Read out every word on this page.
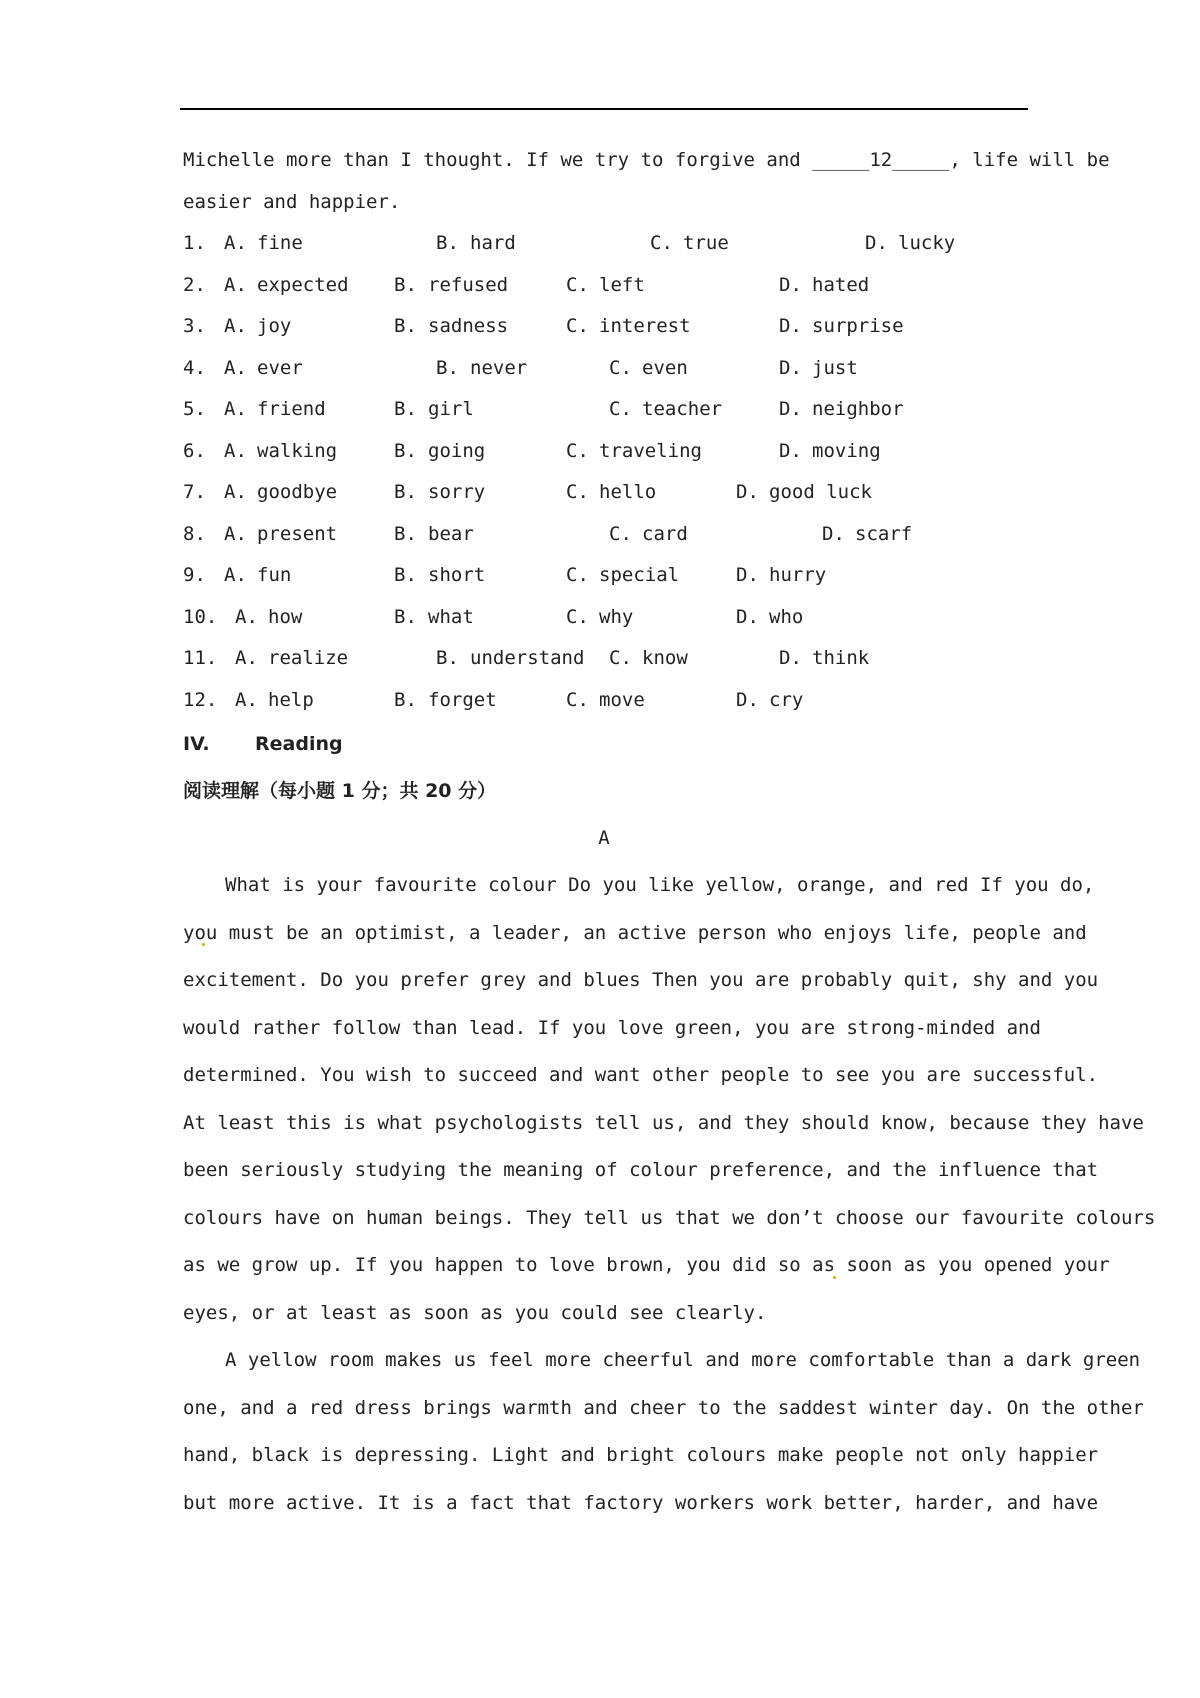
Michelle more than I thought. If we try to forgive and _____12_____, life will be
easier and happier.
1. A. fine	B. hard	C. true	D. lucky
2. A. expected B. refused	C. left	D. hated
3. A. joy	B. sadness	C. interest	D. surprise
4. A. ever	B. never	C. even	D. just
5. A. friend	B. girl	C. teacher	D. neighbor
6. A. walking	B. going	C. traveling	D. moving
7. A. goodbye	B. sorry	C. hello	D. good luck
8. A. present	B. bear	C. card	D. scarf
9. A. fun	B. short	C. special	D. hurry
10. A. how	B. what	C. why	D. who
11. A. realize	B. understand C. know	D. think
12. A. help	B. forget	C. move	D. cry
IV. Reading
阅读理解（每小题 1 分；共 20 分）
A
What is your favourite colour Do you like yellow, orange, and red If you do,
you must be an optimist, a leader, an active person who enjoys life, people and
excitement. Do you prefer grey and blues Then you are probably quit, shy and you
would rather follow than lead. If you love green, you are strong-minded and
determined. You wish to succeed and want other people to see you are successful.
At least this is what psychologists tell us, and they should know, because they have
been seriously studying the meaning of colour preference, and the influence that
colours have on human beings. They tell us that we don’t choose our favourite colours
as we grow up. If you happen to love brown, you did so as soon as you opened your
eyes, or at least as soon as you could see clearly.
A yellow room makes us feel more cheerful and more comfortable than a dark green
one, and a red dress brings warmth and cheer to the saddest winter day. On the other
hand, black is depressing. Light and bright colours make people not only happier
but more active. It is a fact that factory workers work better, harder, and have
